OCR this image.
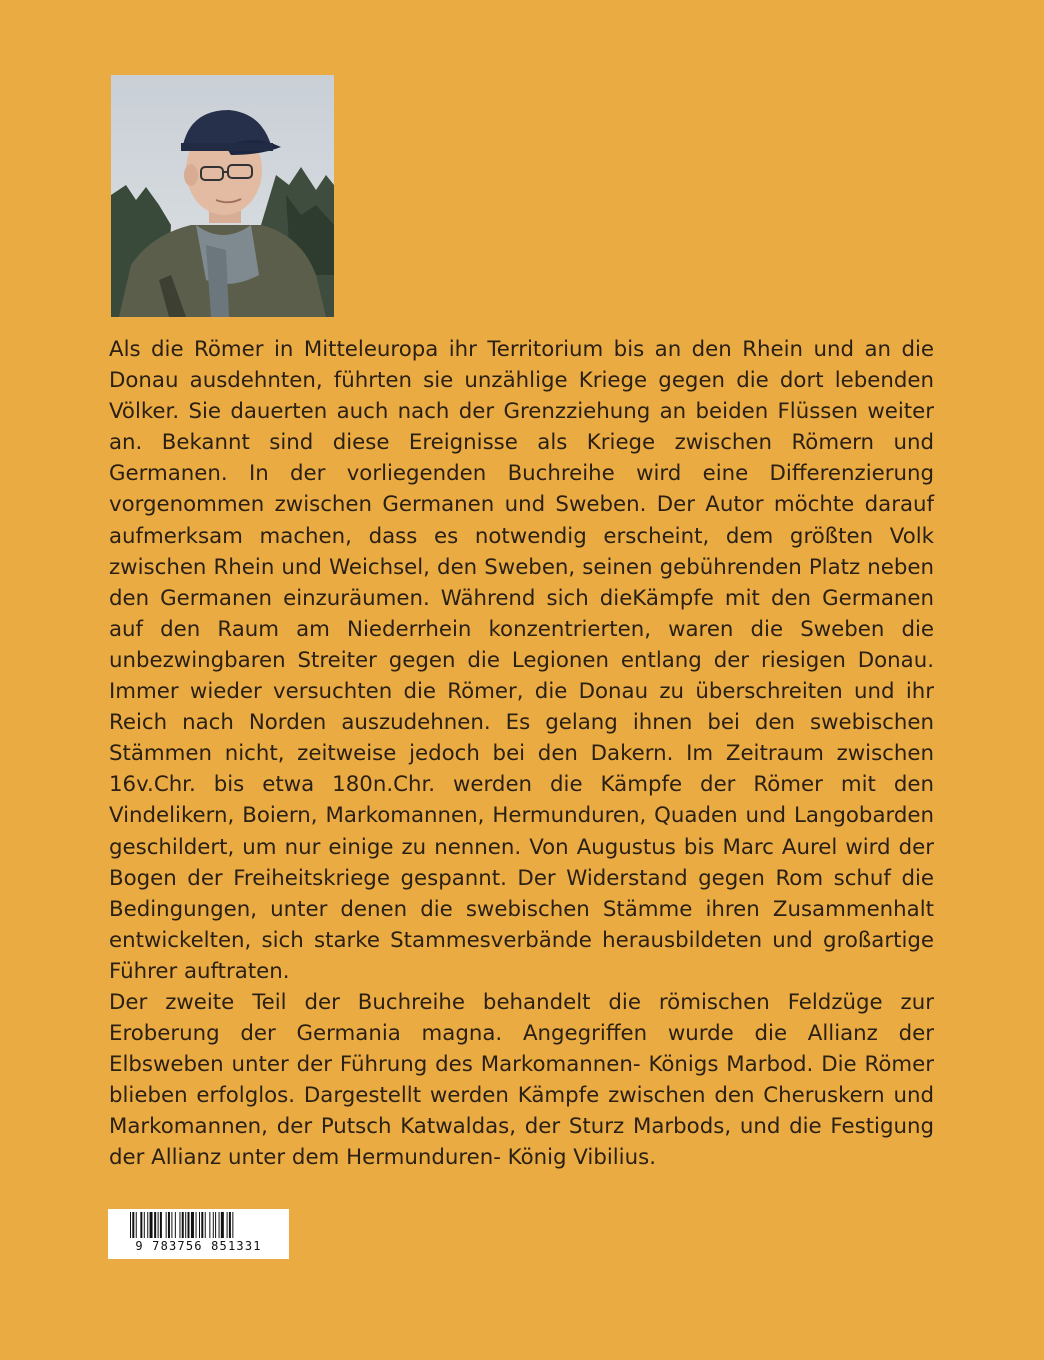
Als die Römer in Mitteleuropa ihr Territorium bis an den Rhein und an die Donau ausdehnten, führten sie unzählige Kriege gegen die dort lebenden Völker. Sie dauerten auch nach der Grenzziehung an beiden Flüssen weiter an. Bekannt sind diese Ereignisse als Kriege zwischen Römern und Germanen. In der vorliegenden Buchreihe wird eine Differenzierung vorgenommen zwischen Germanen und Sweben. Der Autor möchte darauf aufmerksam machen, dass es notwendig erscheint, dem größten Volk zwischen Rhein und Weichsel, den Sweben, seinen gebührenden Platz neben den Germanen einzuräumen. Während sich dieKämpfe mit den Germanen auf den Raum am Niederrhein konzentrierten, waren die Sweben die unbezwingbaren Streiter gegen die Legionen entlang der riesigen Donau. Immer wieder versuchten die Römer, die Donau zu überschreiten und ihr Reich nach Norden auszudehnen. Es gelang ihnen bei den swebischen Stämmen nicht, zeitweise jedoch bei den Dakern. Im Zeitraum zwischen 16v.Chr. bis etwa 180n.Chr. werden die Kämpfe der Römer mit den Vindelikern, Boiern, Markomannen, Hermunduren, Quaden und Langobarden geschildert, um nur einige zu nennen. Von Augustus bis Marc Aurel wird der Bogen der Freiheitskriege gespannt. Der Widerstand gegen Rom schuf die Bedingungen, unter denen die swebischen Stämme ihren Zusammenhalt entwickelten, sich starke Stammesverbände herausbildeten und großartige Führer auftraten.

Der zweite Teil der Buchreihe behandelt die römischen Feldzüge zur Eroberung der Germania magna. Angegriffen wurde die Allianz der Elbsweben unter der Führung des Markomannen- Königs Marbod. Die Römer blieben erfolglos. Dargestellt werden Kämpfe zwischen den Cheruskern und Markomannen, der Putsch Katwaldas, der Sturz Marbods, und die Festigung der Allianz unter dem Hermunduren- König Vibilius.

9 783756 851331
